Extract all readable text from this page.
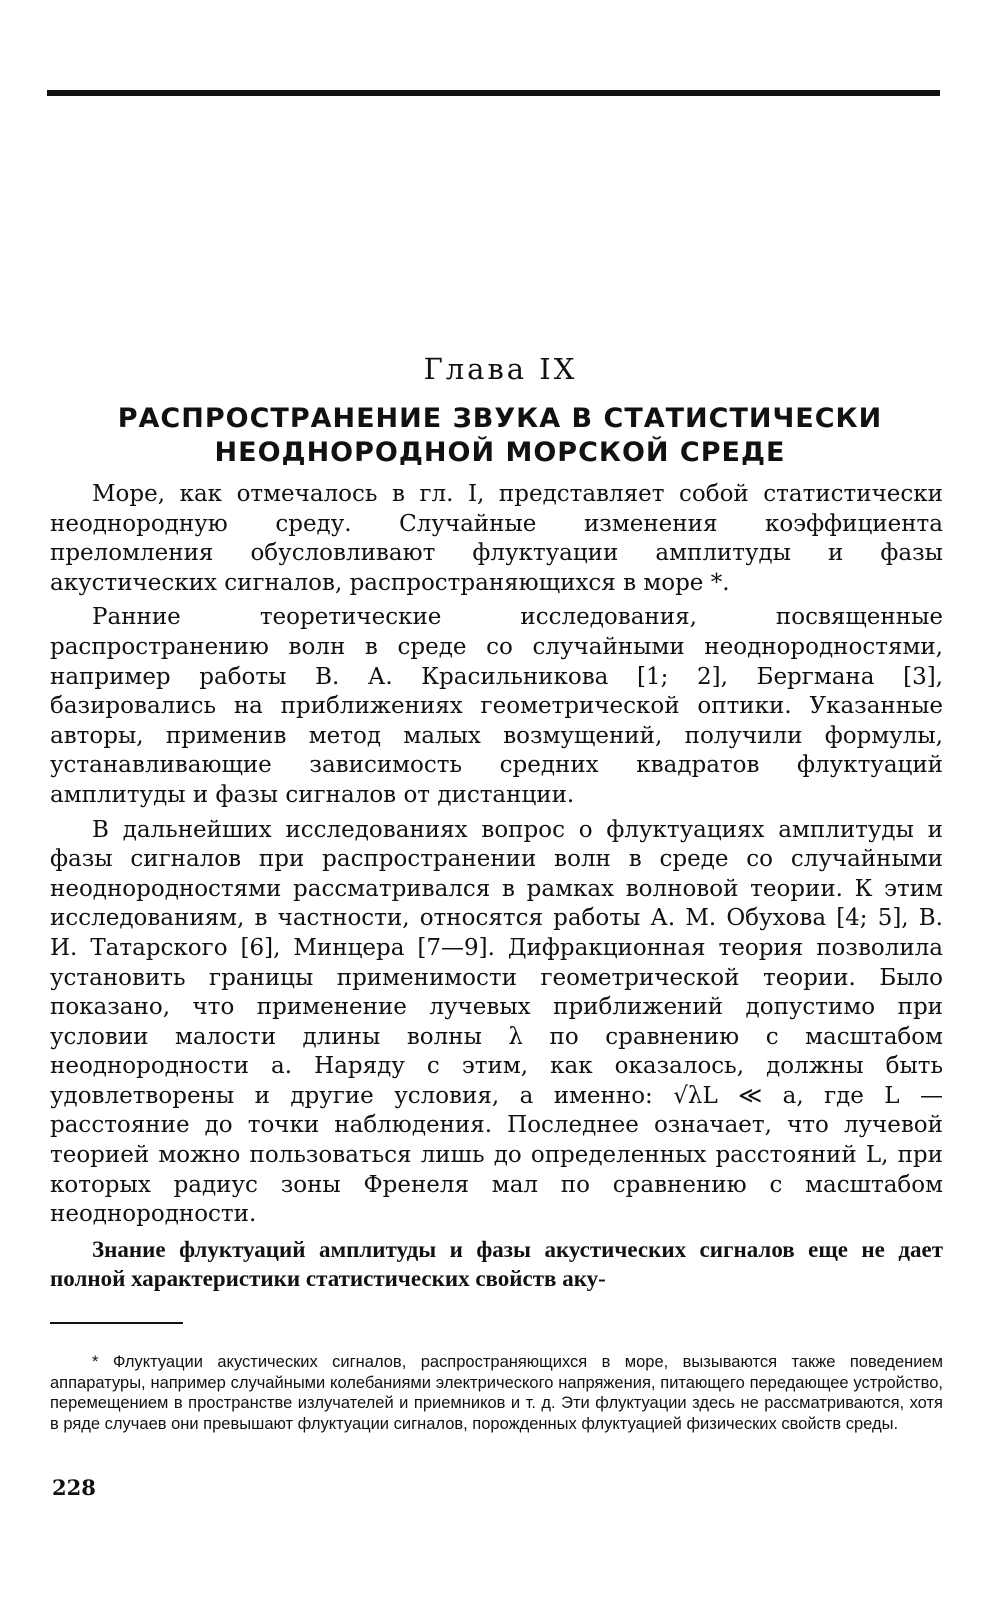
Глава IX
РАСПРОСТРАНЕНИЕ ЗВУКА В СТАТИСТИЧЕСКИ
НЕОДНОРОДНОЙ МОРСКОЙ СРЕДЕ

Море, как отмечалось в гл. I, представляет собой статистически неоднородную среду. Случайные изменения коэффициента преломления обусловливают флуктуации амплитуды и фазы акустических сигналов, распространяющихся в море *.

Ранние теоретические исследования, посвященные распространению волн в среде со случайными неоднородностями, например работы В. А. Красильникова [1; 2], Бергмана [3], базировались на приближениях геометрической оптики. Указанные авторы, применив метод малых возмущений, получили формулы, устанавливающие зависимость средних квадратов флуктуаций амплитуды и фазы сигналов от дистанции.

В дальнейших исследованиях вопрос о флуктуациях амплитуды и фазы сигналов при распространении волн в среде со случайными неоднородностями рассматривался в рамках волновой теории. К этим исследованиям, в частности, относятся работы А. М. Обухова [4; 5], В. И. Татарского [6], Минцера [7—9]. Дифракционная теория позволила установить границы применимости геометрической теории. Было показано, что применение лучевых приближений допустимо при условии малости длины волны λ по сравнению с масштабом неоднородности a. Наряду с этим, как оказалось, должны быть удовлетворены и другие условия, а именно: √λL ≪ a, где L — расстояние до точки наблюдения. Последнее означает, что лучевой теорией можно пользоваться лишь до определенных расстояний L, при которых радиус зоны Френеля мал по сравнению с масштабом неоднородности.

Знание флуктуаций амплитуды и фазы акустических сигналов еще не дает полной характеристики статистических свойств аку-

* Флуктуации акустических сигналов, распространяющихся в море, вызываются также поведением аппаратуры, например случайными колебаниями электрического напряжения, питающего передающее устройство, перемещением в пространстве излучателей и приемников и т. д. Эти флуктуации здесь не рассматриваются, хотя в ряде случаев они превышают флуктуации сигналов, порожденных флуктуацией физических свойств среды.

228
